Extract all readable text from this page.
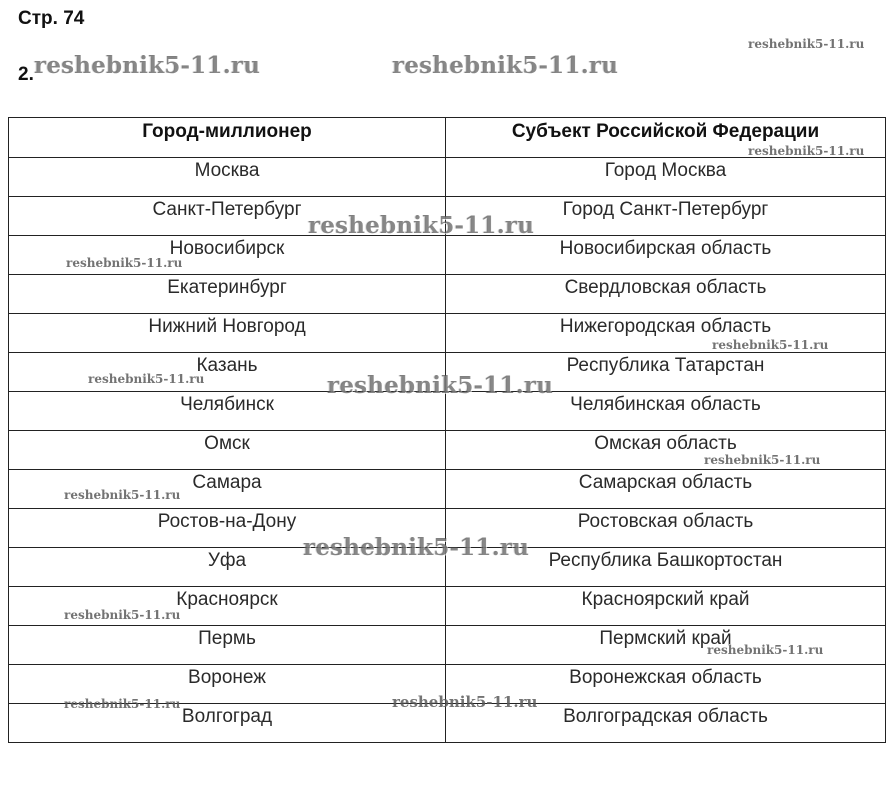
Стр. 74
2.
Город-миллионер	Субъект Российской Федерации
Москва	Город Москва
Санкт-Петербург	Город Санкт-Петербург
Новосибирск	Новосибирская область
Екатеринбург	Свердловская область
Нижний Новгород	Нижегородская область
Казань	Республика Татарстан
Челябинск	Челябинская область
Омск	Омская область
Самара	Самарская область
Ростов-на-Дону	Ростовская область
Уфа	Республика Башкортостан
Красноярск	Красноярский край
Пермь	Пермский край
Воронеж	Воронежская область
Волгоград	Волгоградская область
reshebnik5-11.ru	reshebnik5-11.ru
reshebnik5-11.ru
reshebnik5-11.ru
reshebnik5-11.ru
reshebnik5-11.ru
reshebnik5-11.ru
reshebnik5-11.ru	reshebnik5-11.ru
reshebnik5-11.ru
reshebnik5-11.ru
reshebnik5-11.ru
reshebnik5-11.ru
reshebnik5-11.ru
reshebnik5-11.ru	reshebnik5-11.ru
